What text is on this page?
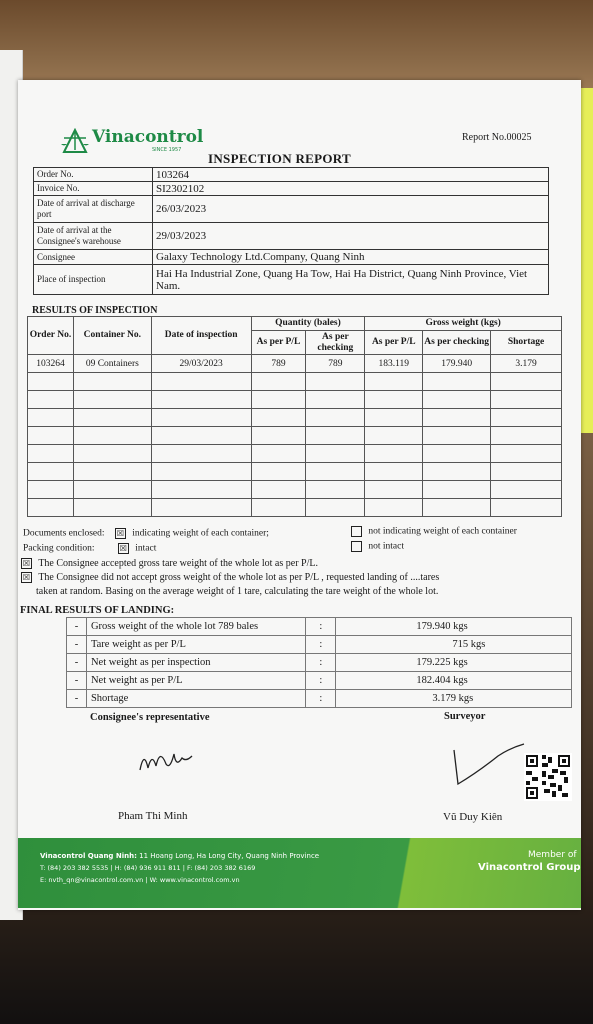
Vinacontrol
SINCE 1957
Report No.00025
INSPECTION REPORT
Order No.	103264
Invoice No.	SI2302102
Date of arrival at discharge port	26/03/2023
Date of arrival at the Consignee's warehouse	29/03/2023
Consignee	Galaxy Technology Ltd.Company, Quang Ninh
Place of inspection	Hai Ha Industrial Zone, Quang Ha Tow, Hai Ha District, Quang Ninh Province, Viet Nam.
RESULTS OF INSPECTION
Order No.	Container No.	Date of inspection	Quantity (bales)		Gross weight (kgs)		
			As per P/L	As per checking	As per P/L	As per checking	Shortage
103264	09 Containers	29/03/2023	789	789	183.119	179.940	3.179

Documents enclosed: ☒ indicating weight of each container;	not indicating weight of each container
Packing condition:	☒ intact	not intact
☒ The Consignee accepted gross tare weight of the whole lot as per P/L.
☒ The Consignee did not accept gross weight of the whole lot as per P/L , requested landing of ....tares
taken at random. Basing on the average weight of 1 tare, calculating the tare weight of the whole lot.
FINAL RESULTS OF LANDING:
-	Gross weight of the whole lot 789 bales	:	179.940 kgs
-	Tare weight as per P/L	:	715 kgs
-	Net weight as per inspection	:	179.225 kgs
-	Net weight as per P/L	:	182.404 kgs
-	Shortage	:	3.179 kgs
Consignee's representative	Surveyor
Pham Thi Minh	Vũ Duy Kiên
Vinacontrol Quang Ninh: 11 Hoang Long, Ha Long City, Quang Ninh Province
T: (84) 203 382 5535 | H: (84) 936 911 811 | F: (84) 203 382 6169
E: nvth_qn@vinacontrol.com.vn | W: www.vinacontrol.com.vn
Member of
Vinacontrol Group
